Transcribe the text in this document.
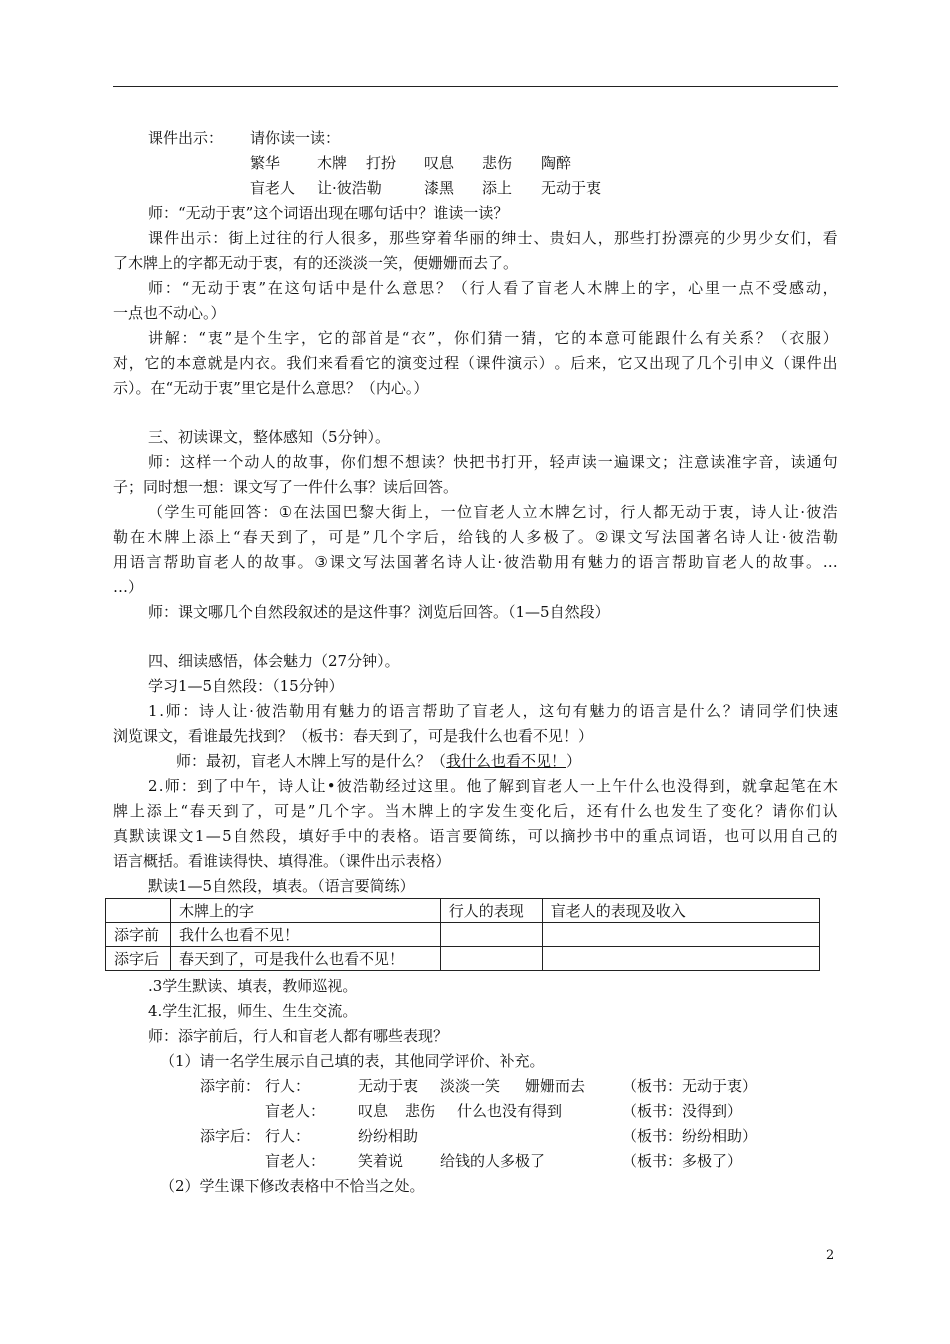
课件出示： 请你读一读：
繁华 木牌 打扮 叹息 悲伤 陶醉
盲老人 让·彼浩勒	漆黑 添上 无动于衷
师：“无动于衷”这个词语出现在哪句话中？谁读一读？
课 件 出 示 ： 街 上 过 往 的 行 人 很 多 ， 那 些 穿 着 华 丽 的 绅 士 、 贵 妇 人 ， 那 些 打 扮 漂 亮 的 少 男 少 女 们 ， 看
了木牌上的字都无动于衷，有的还淡淡一笑，便姗姗而去了。
师 ： “ 无 动 于 衷 ” 在 这 句 话 中 是 什 么 意 思 ？ （ 行 人 看 了 盲 老 人 木 牌 上 的 字 ， 心 里 一 点 不 受 感 动 ，
一点也不动心。）
讲 解 ： “ 衷 ” 是 个 生 字 ， 它 的 部 首 是 “ 衣 ” ， 你 们 猜 一 猜 ， 它 的 本 意 可 能 跟 什 么 有 关 系 ？ （ 衣 服 ）
对 ， 它 的 本 意 就 是 内 衣 。 我 们 来 看 看 它 的 演 变 过 程 （ 课 件 演 示 ） 。 后 来 ， 它 又 出 现 了 几 个 引 申 义 （ 课 件 出
示）。在“无动于衷”里它是什么意思？（内心。）
三、初读课文，整体感知（5分钟）。
师 ： 这 样 一 个 动 人 的 故 事 ， 你 们 想 不 想 读 ？ 快 把 书 打 开 ， 轻 声 读 一 遍 课 文 ； 注 意 读 准 字 音 ， 读 通 句
子；同时想一想：课文写了一件什么事？读后回答。
（ 学 生 可 能 回 答 ： ① 在 法 国 巴 黎 大 街 上 ， 一 位 盲 老 人 立 木 牌 乞 讨 ， 行 人 都 无 动 于 衷 ， 诗 人 让 · 彼 浩
勒 在 木 牌 上 添 上 “ 春 天 到 了 ， 可 是 ” 几 个 字 后 ， 给 钱 的 人 多 极 了 。 ② 课 文 写 法 国 著 名 诗 人 让 · 彼 浩 勒
用 语 言 帮 助 盲 老 人 的 故 事 。 ③ 课 文 写 法 国 著 名 诗 人 让 · 彼 浩 勒 用 有 魅 力 的 语 言 帮 助 盲 老 人 的 故 事 。 …
…）
师：课文哪几个自然段叙述的是这件事？浏览后回答。（1—5自然段）
四、细读感悟，体会魅力（27分钟）。
学习1—5自然段：（15分钟）
1 . 师 ： 诗 人 让 · 彼 浩 勒 用 有 魅 力 的 语 言 帮 助 了 盲 老 人 ， 这 句 有 魅 力 的 语 言 是 什 么 ？ 请 同 学 们 快 速
浏览课文，看谁最先找到？（板书：春天到了，可是我什么也看不见！）
师：最初，盲老人木牌上写的是什么？（我什么也看不见！）
2 . 师 ： 到 了 中 午 ， 诗 人 让 • 彼 浩 勒 经 过 这 里 。 他 了 解 到 盲 老 人 一 上 午 什 么 也 没 得 到 ， 就 拿 起 笔 在 木
牌 上 添 上 “ 春 天 到 了 ， 可 是 ” 几 个 字 。 当 木 牌 上 的 字 发 生 变 化 后 ， 还 有 什 么 也 发 生 了 变 化 ？ 请 你 们 认
真 默 读 课 文 1 — 5 自 然 段 ， 填 好 手 中 的 表 格 。 语 言 要 简 练 ， 可 以 摘 抄 书 中 的 重 点 词 语 ， 也 可 以 用 自 己 的
语言概括。看谁读得快、填得准。（课件出示表格）
默读1—5自然段，填表。（语言要简练）
	木牌上的字	行人的表现	盲老人的表现及收入
添字前	我什么也看不见！		
添字后	春天到了，可是我什么也看不见！		
.3学生默读、填表，教师巡视。
4.学生汇报，师生、生生交流。
师：添字前后，行人和盲老人都有哪些表现？
（1）请一名学生展示自己填的表，其他同学评价、补充。
添字前： 行人：	无动于衷 淡淡一笑 姗姗而去 （板书：无动于衷）
盲老人： 叹息 悲伤 什么也没有得到	（板书：没得到）
添字后： 行人：	纷纷相助	（板书：纷纷相助）
盲老人： 笑着说 给钱的人多极了	（板书：多极了）
（2）学生课下修改表格中不恰当之处。
2
